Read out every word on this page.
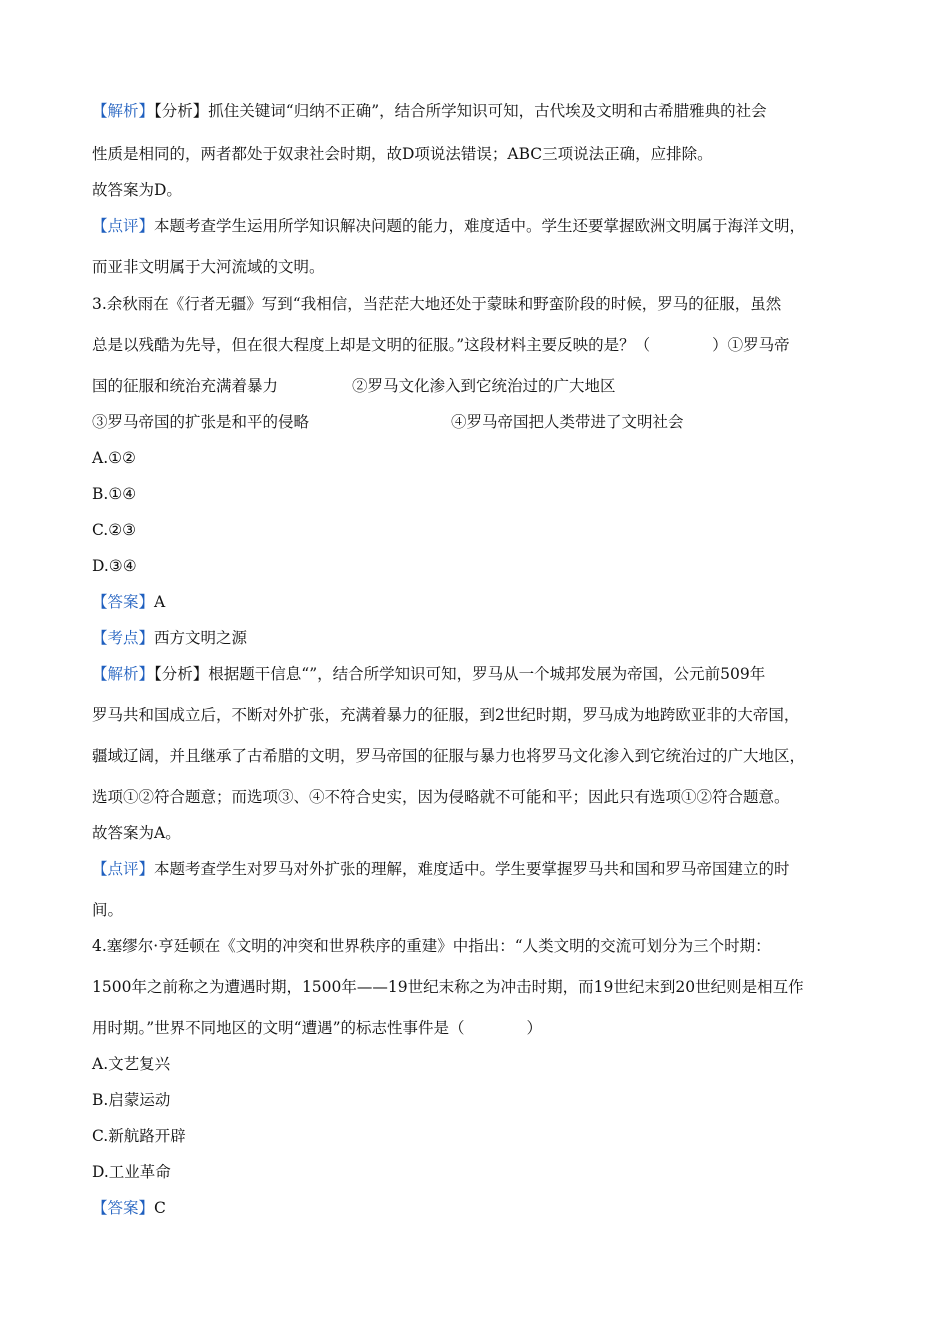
【解析】【分析】抓住关键词“归纳不正确”，结合所学知识可知，古代埃及文明和古希腊雅典的社会
性质是相同的，两者都处于奴隶社会时期，故D项说法错误；ABC三项说法正确，应排除。
故答案为D。
【点评】本题考查学生运用所学知识解决问题的能力，难度适中。学生还要掌握欧洲文明属于海洋文明，
而亚非文明属于大河流域的文明。
3.余秋雨在《行者无疆》写到“我相信，当茫茫大地还处于蒙昧和野蛮阶段的时候，罗马的征服，虽然
总是以残酷为先导，但在很大程度上却是文明的征服。”这段材料主要反映的是？（　　　　）①罗马帝
国的征服和统治充满着暴力	②罗马文化渗入到它统治过的广大地区
③罗马帝国的扩张是和平的侵略	④罗马帝国把人类带进了文明社会
A.①②
B.①④
C.②③
D.③④
【答案】A
【考点】西方文明之源
【解析】【分析】根据题干信息“”，结合所学知识可知，罗马从一个城邦发展为帝国，公元前509年
罗马共和国成立后，不断对外扩张，充满着暴力的征服，到2世纪时期，罗马成为地跨欧亚非的大帝国，
疆域辽阔，并且继承了古希腊的文明，罗马帝国的征服与暴力也将罗马文化渗入到它统治过的广大地区，
选项①②符合题意；而选项③、④不符合史实，因为侵略就不可能和平；因此只有选项①②符合题意。
故答案为A。
【点评】本题考查学生对罗马对外扩张的理解，难度适中。学生要掌握罗马共和国和罗马帝国建立的时
间。
4.塞缪尔·亨廷顿在《文明的冲突和世界秩序的重建》中指出：“人类文明的交流可划分为三个时期：
1500年之前称之为遭遇时期，1500年——19世纪末称之为冲击时期，而19世纪末到20世纪则是相互作
用时期。”世界不同地区的文明“遭遇”的标志性事件是（　　　　）
A.文艺复兴
B.启蒙运动
C.新航路开辟
D.工业革命
【答案】C
